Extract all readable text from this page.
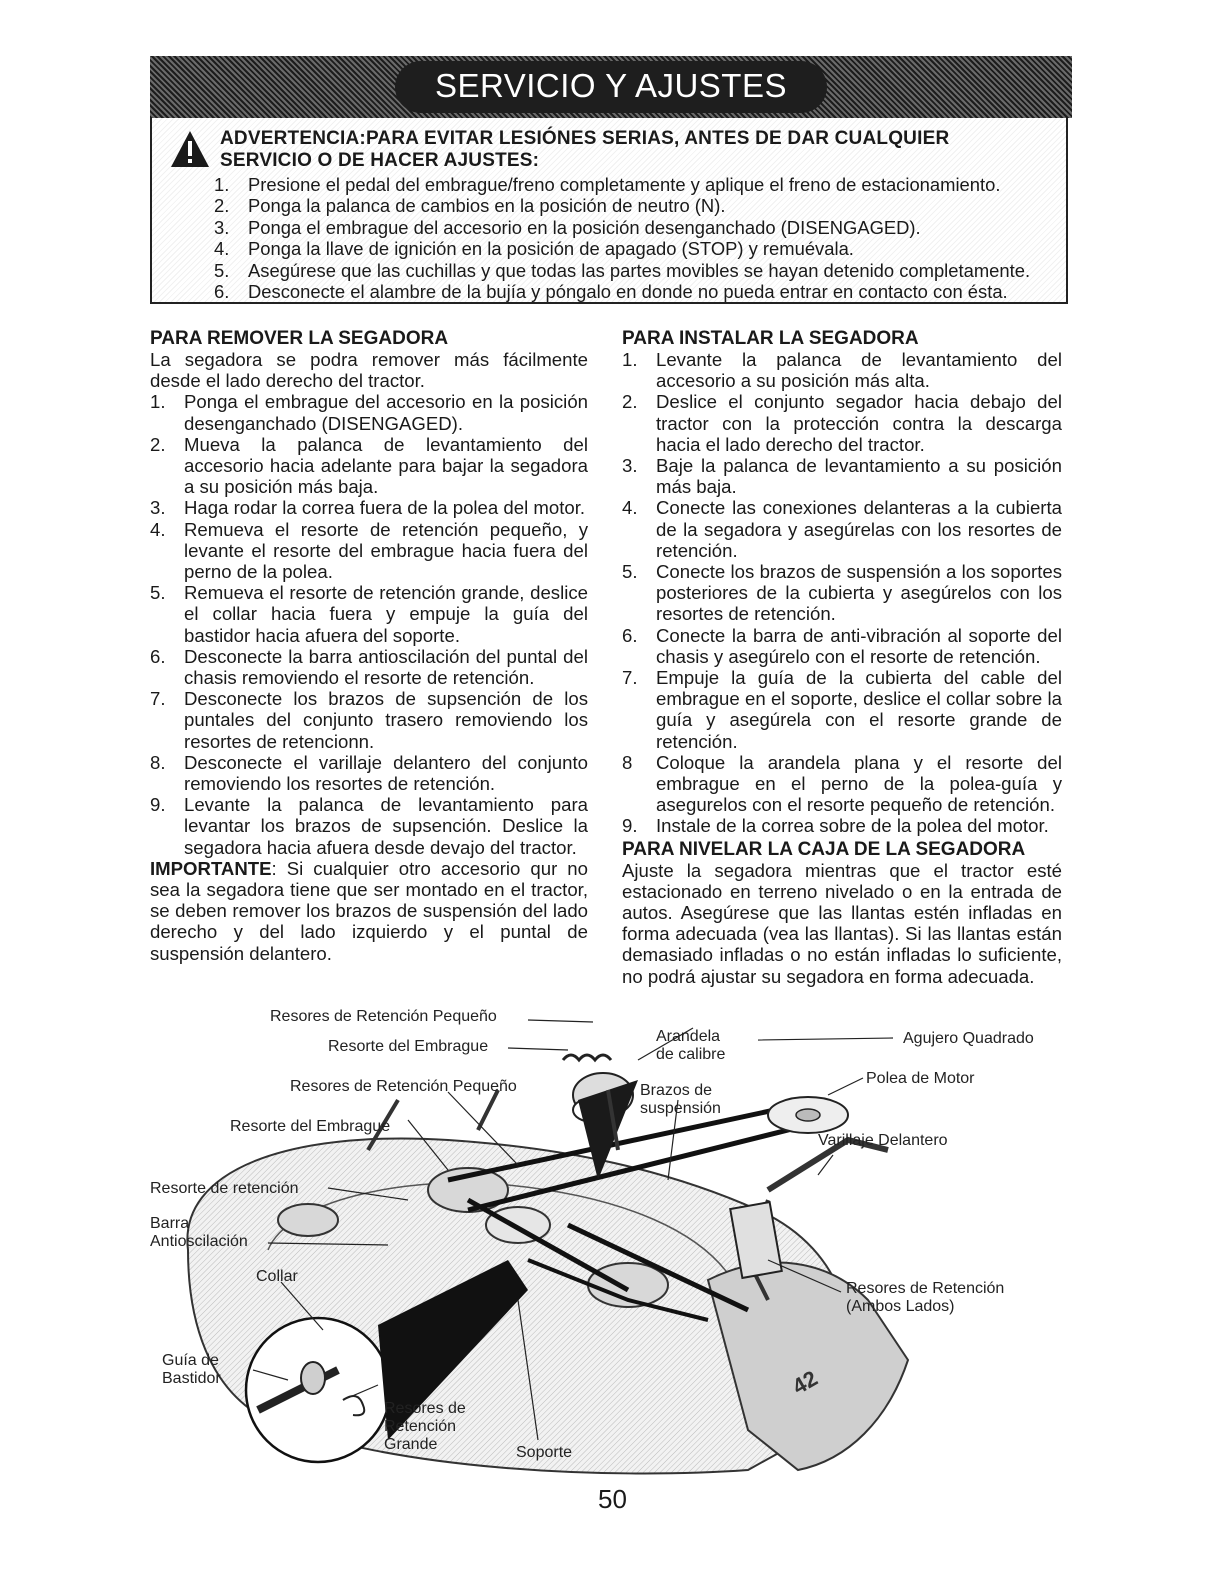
SERVICIO Y AJUSTES
ADVERTENCIA:PARA EVITAR LESIÓNES SERIAS, ANTES DE DAR CUALQUIER SERVICIO O DE HACER AJUSTES:
1.	Presione el pedal del embrague/freno completamente y aplique el freno de estacionamiento.
2.	Ponga la palanca de cambios en la posición de neutro (N).
3.	Ponga el embrague del accesorio en la posición desenganchado (DISENGAGED).
4.	Ponga la llave de ignición en la posición de apagado (STOP) y remuévala.
5.	Asegúrese que las cuchillas y que todas las partes movibles se hayan detenido completamente.
6.	Desconecte el alambre de la bujía y póngalo en donde no pueda entrar en contacto con ésta.
PARA REMOVER LA SEGADORA
La segadora se podra remover más fácilmente desde el lado derecho del tractor.
1. Ponga el embrague del accesorio en la posición desenganchado (DISENGAGED).
2. Mueva la palanca de levantamiento del accesorio hacia adelante para bajar la segadora a su posición más baja.
3. Haga rodar la correa fuera de la polea del motor.
4. Remueva el resorte de retención pequeño, y levante el resorte del embrague hacia fuera del perno de la polea.
5. Remueva el resorte de retención grande, deslice el collar hacia fuera y empuje la guía del bastidor hacia afuera del soporte.
6. Desconecte la barra antioscilación del puntal del chasis removiendo el resorte de retención.
7. Desconecte los brazos de supsención de los puntales del conjunto trasero removiendo los resortes de retencionn.
8. Desconecte el varillaje delantero del conjunto removiendo los resortes de retención.
9. Levante la palanca de levantamiento para levantar los brazos de supsención. Deslice la segadora hacia afuera desde devajo del tractor.
IMPORTANTE: Si cualquier otro accesorio qur no sea la segadora tiene que ser montado en el tractor, se deben remover los brazos de suspensión del lado derecho y del lado izquierdo y el puntal de suspensión delantero.
PARA INSTALAR LA SEGADORA
1. Levante la palanca de levantamiento del accesorio a su posición más alta.
2. Deslice el conjunto segador hacia debajo del tractor con la protección contra la descarga hacia el lado derecho del tractor.
3. Baje la palanca de levantamiento a su posición más baja.
4. Conecte las conexiones delanteras a la cubierta de la segadora y asegúrelas con los resortes de retención.
5. Conecte los brazos de suspensión a los soportes posteriores de la cubierta y asegúrelos con los resortes de retención.
6. Conecte la barra de anti-vibración al soporte del chasis y asegúrelo con el resorte de retención.
7. Empuje la guía de la cubierta del cable del embrague en el soporte, deslice el collar sobre la guía y asegúrela con el resorte grande de retención.
8	Coloque la arandela plana y el resorte del embrague en el perno de la polea-guía y asegurelos con el resorte pequeño de retención.
9. Instale de la correa sobre de la polea del motor.
PARA NIVELAR LA CAJA DE LA SEGADORA
Ajuste la segadora mientras que el tractor esté estacionado en terreno nivelado o en la entrada de autos. Asegúrese que las llantas estén infladas en forma adecuada (vea las llantas). Si las llantas están demasiado infladas o no están infladas lo suficiente, no podrá ajustar su segadora en forma adecuada.
42
Resores de Retención Pequeño
Resorte del Embrague
Resores de Retención Pequeño
Resorte del Embrague
Resorte de retención
Barra
Antioscilación
Collar
Guía de
Bastidor
Resores de
Retención
Grande	Soporte
Arandela
de calibre
Brazos de
suspensión
Agujero Quadrado
Polea de Motor
Varillaje Delantero
Resores de Retención
(Ambos Lados)
50
